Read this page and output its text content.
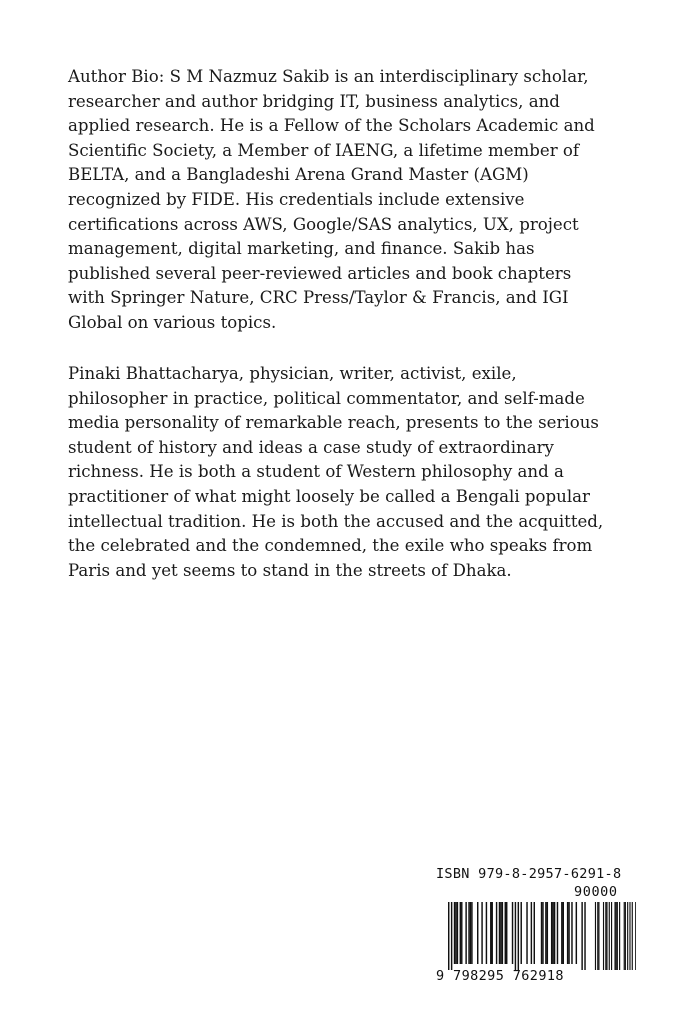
Author Bio: S M Nazmuz Sakib is an interdisciplinary scholar,
researcher and author bridging IT, business analytics, and
applied research. He is a Fellow of the Scholars Academic and
Scientific Society, a Member of IAENG, a lifetime member of
BELTA, and a Bangladeshi Arena Grand Master (AGM)
recognized by FIDE. His credentials include extensive
certifications across AWS, Google/SAS analytics, UX, project
management, digital marketing, and finance. Sakib has
published several peer-reviewed articles and book chapters
with Springer Nature, CRC Press/Taylor & Francis, and IGI
Global on various topics.

Pinaki Bhattacharya, physician, writer, activist, exile,
philosopher in practice, political commentator, and self-made
media personality of remarkable reach, presents to the serious
student of history and ideas a case study of extraordinary
richness. He is both a student of Western philosophy and a
practitioner of what might loosely be called a Bengali popular
intellectual tradition. He is both the accused and the acquitted,
the celebrated and the condemned, the exile who speaks from
Paris and yet seems to stand in the streets of Dhaka.

ISBN 979-8-2957-6291-8
90000
9 798295 762918
